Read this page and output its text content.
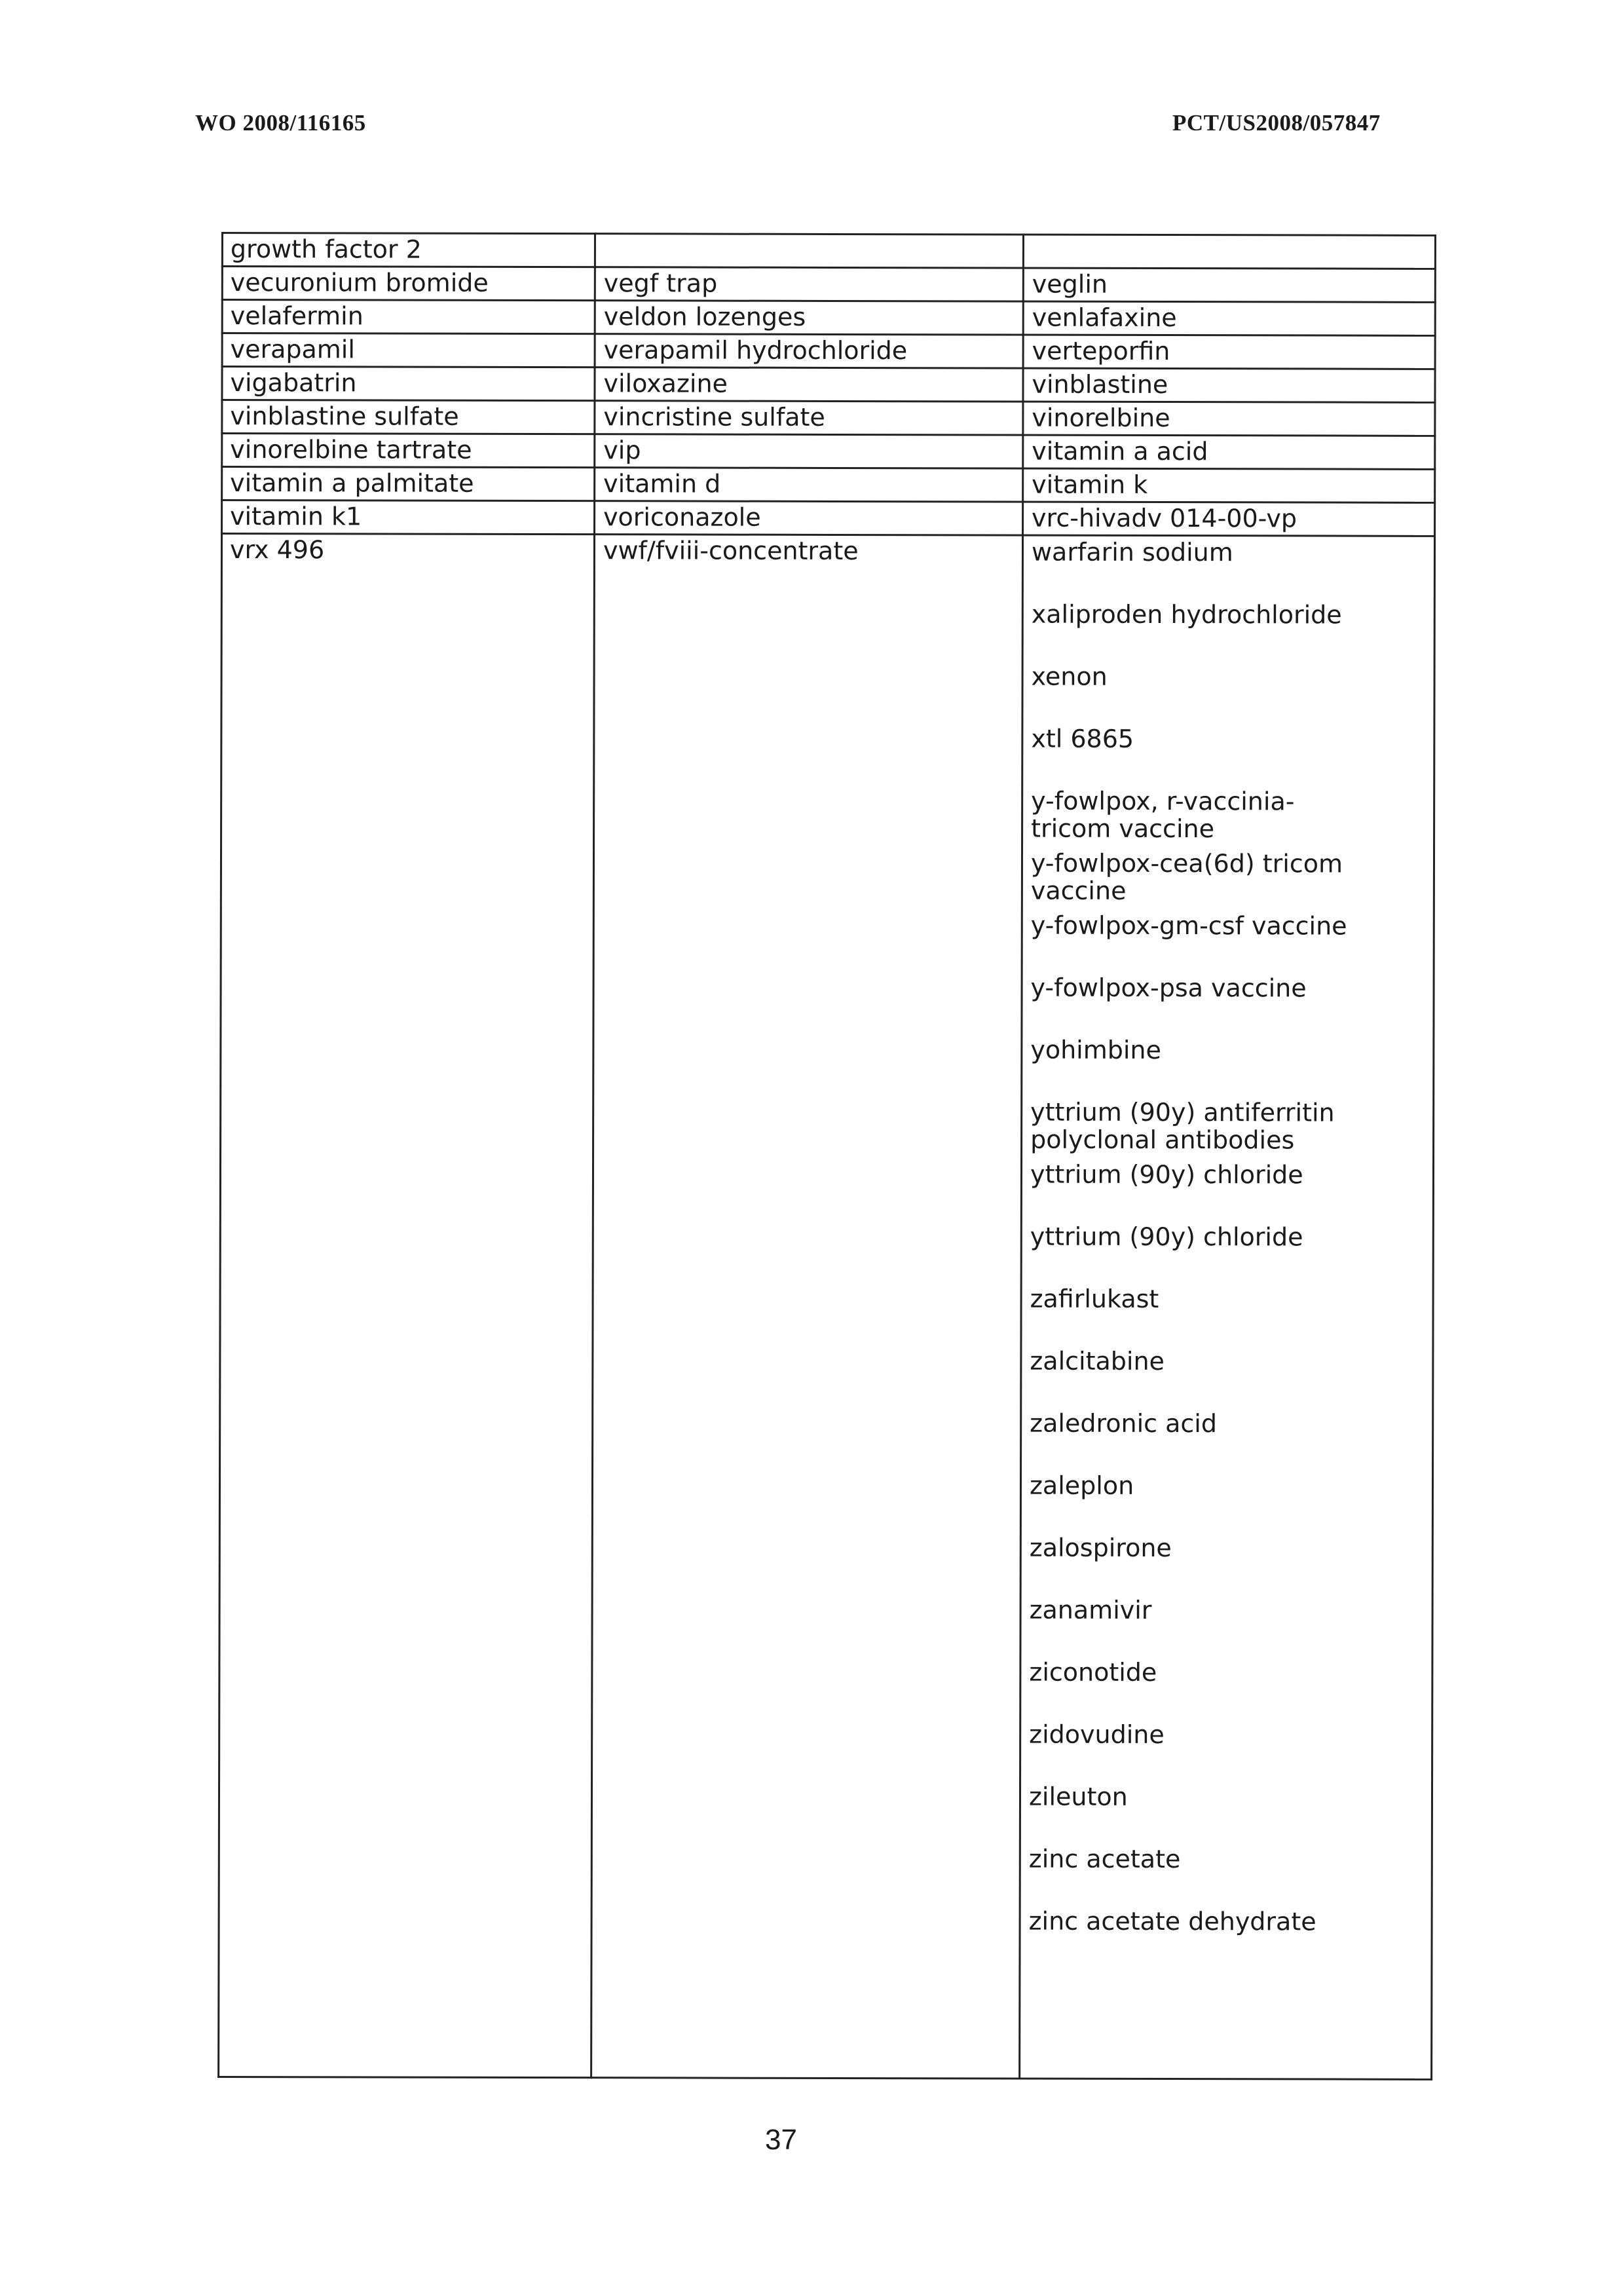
WO 2008/116165	PCT/US2008/057847
growth factor 2
vecuronium bromide
velafermin
verapamil
vigabatrin
vinblastine sulfate
vinorelbine tartrate
vitamin a palmitate
vitamin k1
vrx 496
vegf trap
veldon lozenges
verapamil hydrochloride
viloxazine
vincristine sulfate
vip
vitamin d
voriconazole
vwf/fviii-concentrate
veglin
venlafaxine
verteporfin
vinblastine
vinorelbine
vitamin a acid
vitamin k
vrc-hivadv 014-00-vp
warfarin sodium
xaliproden hydrochloride
xenon
xtl 6865
y-fowlpox, r-vaccinia-
tricom vaccine
y-fowlpox-cea(6d) tricom
vaccine
y-fowlpox-gm-csf vaccine
y-fowlpox-psa vaccine
yohimbine
yttrium (90y) antiferritin
polyclonal antibodies
yttrium (90y) chloride
yttrium (90y) chloride
zafirlukast
zalcitabine
zaledronic acid
zaleplon
zalospirone
zanamivir
ziconotide
zidovudine
zileuton
zinc acetate
zinc acetate dehydrate
37
